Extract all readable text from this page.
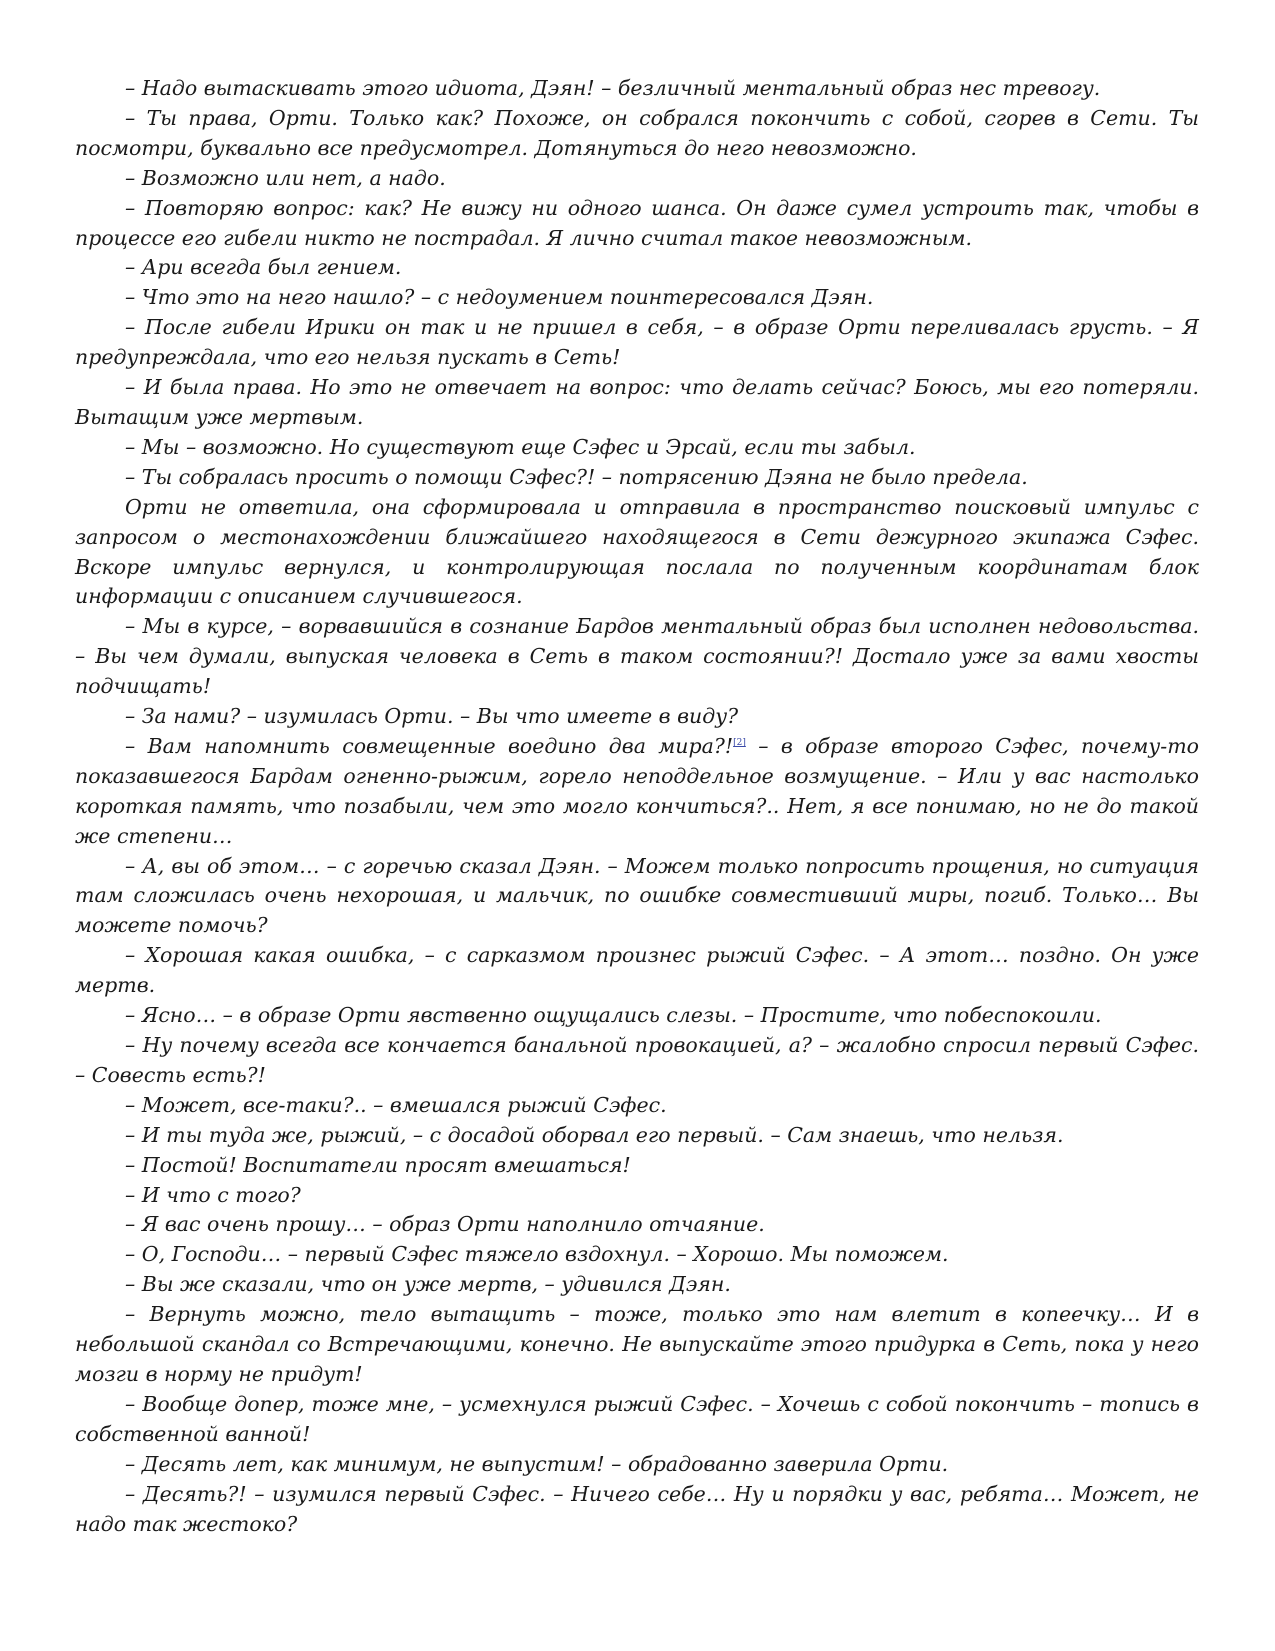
– Надо вытаскивать этого идиота, Дэян! – безличный ментальный образ нес тревогу.

– Ты права, Орти. Только как? Похоже, он собрался покончить с собой, сгорев в Сети. Ты посмотри, буквально все предусмотрел. Дотянуться до него невозможно.

– Возможно или нет, а надо.

– Повторяю вопрос: как? Не вижу ни одного шанса. Он даже сумел устроить так, чтобы в процессе его гибели никто не пострадал. Я лично считал такое невозможным.

– Ари всегда был гением.

– Что это на него нашло? – с недоумением поинтересовался Дэян.

– После гибели Ирики он так и не пришел в себя, – в образе Орти переливалась грусть. – Я предупреждала, что его нельзя пускать в Сеть!

– И была права. Но это не отвечает на вопрос: что делать сейчас? Боюсь, мы его потеряли. Вытащим уже мертвым.

– Мы – возможно. Но существуют еще Сэфес и Эрсай, если ты забыл.

– Ты собралась просить о помощи Сэфес?! – потрясению Дэяна не было предела.

Орти не ответила, она сформировала и отправила в пространство поисковый импульс с запросом о местонахождении ближайшего находящегося в Сети дежурного экипажа Сэфес. Вскоре импульс вернулся, и контролирующая послала по полученным координатам блок информации с описанием случившегося.

– Мы в курсе, – ворвавшийся в сознание Бардов ментальный образ был исполнен недовольства. – Вы чем думали, выпуская человека в Сеть в таком состоянии?! Достало уже за вами хвосты подчищать!

– За нами? – изумилась Орти. – Вы что имеете в виду?

– Вам напомнить совмещенные воедино два мира?![2] – в образе второго Сэфес, почему-то показавшегося Бардам огненно-рыжим, горело неподдельное возмущение. – Или у вас настолько короткая память, что позабыли, чем это могло кончиться?.. Нет, я все понимаю, но не до такой же степени…

– А, вы об этом… – с горечью сказал Дэян. – Можем только попросить прощения, но ситуация там сложилась очень нехорошая, и мальчик, по ошибке совместивший миры, погиб. Только… Вы можете помочь?

– Хорошая какая ошибка, – с сарказмом произнес рыжий Сэфес. – А этот… поздно. Он уже мертв.

– Ясно… – в образе Орти явственно ощущались слезы. – Простите, что побеспокоили.

– Ну почему всегда все кончается банальной провокацией, а? – жалобно спросил первый Сэфес. – Совесть есть?!

– Может, все-таки?.. – вмешался рыжий Сэфес.

– И ты туда же, рыжий, – с досадой оборвал его первый. – Сам знаешь, что нельзя.

– Постой! Воспитатели просят вмешаться!

– И что с того?

– Я вас очень прошу… – образ Орти наполнило отчаяние.

– О, Господи… – первый Сэфес тяжело вздохнул. – Хорошо. Мы поможем.

– Вы же сказали, что он уже мертв, – удивился Дэян.

– Вернуть можно, тело вытащить – тоже, только это нам влетит в копеечку… И в небольшой скандал со Встречающими, конечно. Не выпускайте этого придурка в Сеть, пока у него мозги в норму не придут!

– Вообще допер, тоже мне, – усмехнулся рыжий Сэфес. – Хочешь с собой покончить – топись в собственной ванной!

– Десять лет, как минимум, не выпустим! – обрадованно заверила Орти.

– Десять?! – изумился первый Сэфес. – Ничего себе… Ну и порядки у вас, ребята… Может, не надо так жестоко?
